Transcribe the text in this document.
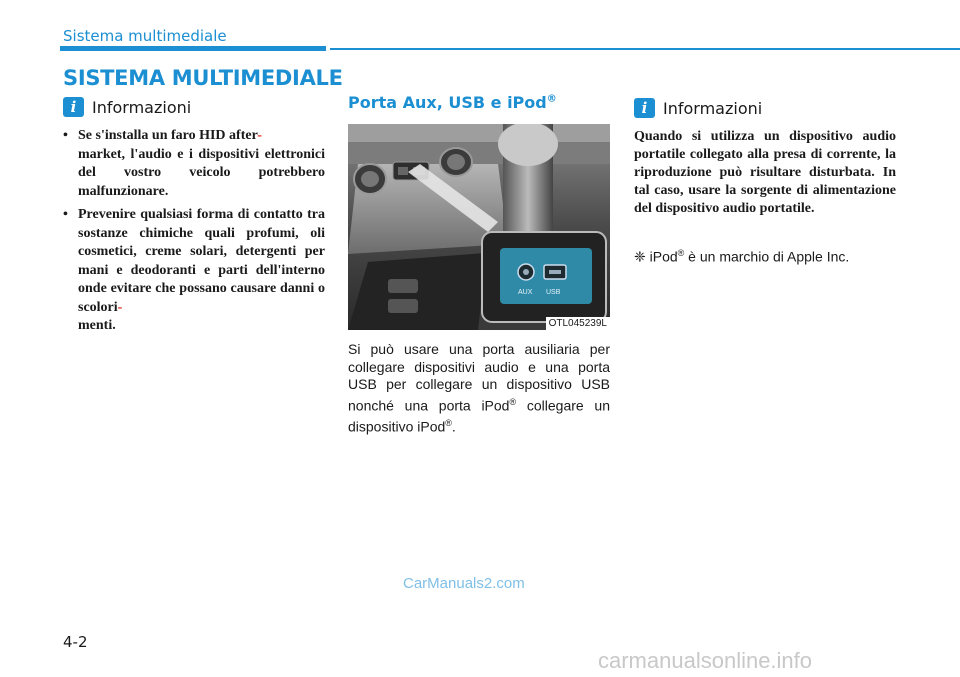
Sistema multimediale
SISTEMA MULTIMEDIALE
i Informazioni
• Se s'installa un faro HID after-
market, l'audio e i dispositivi elettronici del vostro veicolo potrebbero malfunzionare.
• Prevenire qualsiasi forma di contatto tra sostanze chimiche quali profumi, oli cosmetici, creme solari, detergenti per mani e deodoranti e parti dell'interno onde evitare che possano causare danni o scolori-
menti.
Porta Aux, USB e iPod®
AUX USB
OTL045239L

Si può usare una porta ausiliaria per collegare dispositivi audio e una porta USB per collegare un dispositivo USB nonché una porta iPod® collegare un dispositivo iPod®.

i Informazioni

Quando si utilizza un dispositivo audio portatile collegato alla presa di corrente, la riproduzione può risultare disturbata. In tal caso, usare la sorgente di alimentazione del dispositivo audio portatile.

❈ iPod® è un marchio di Apple Inc.

CarManuals2.com
4-2
carmanualsonline.info
